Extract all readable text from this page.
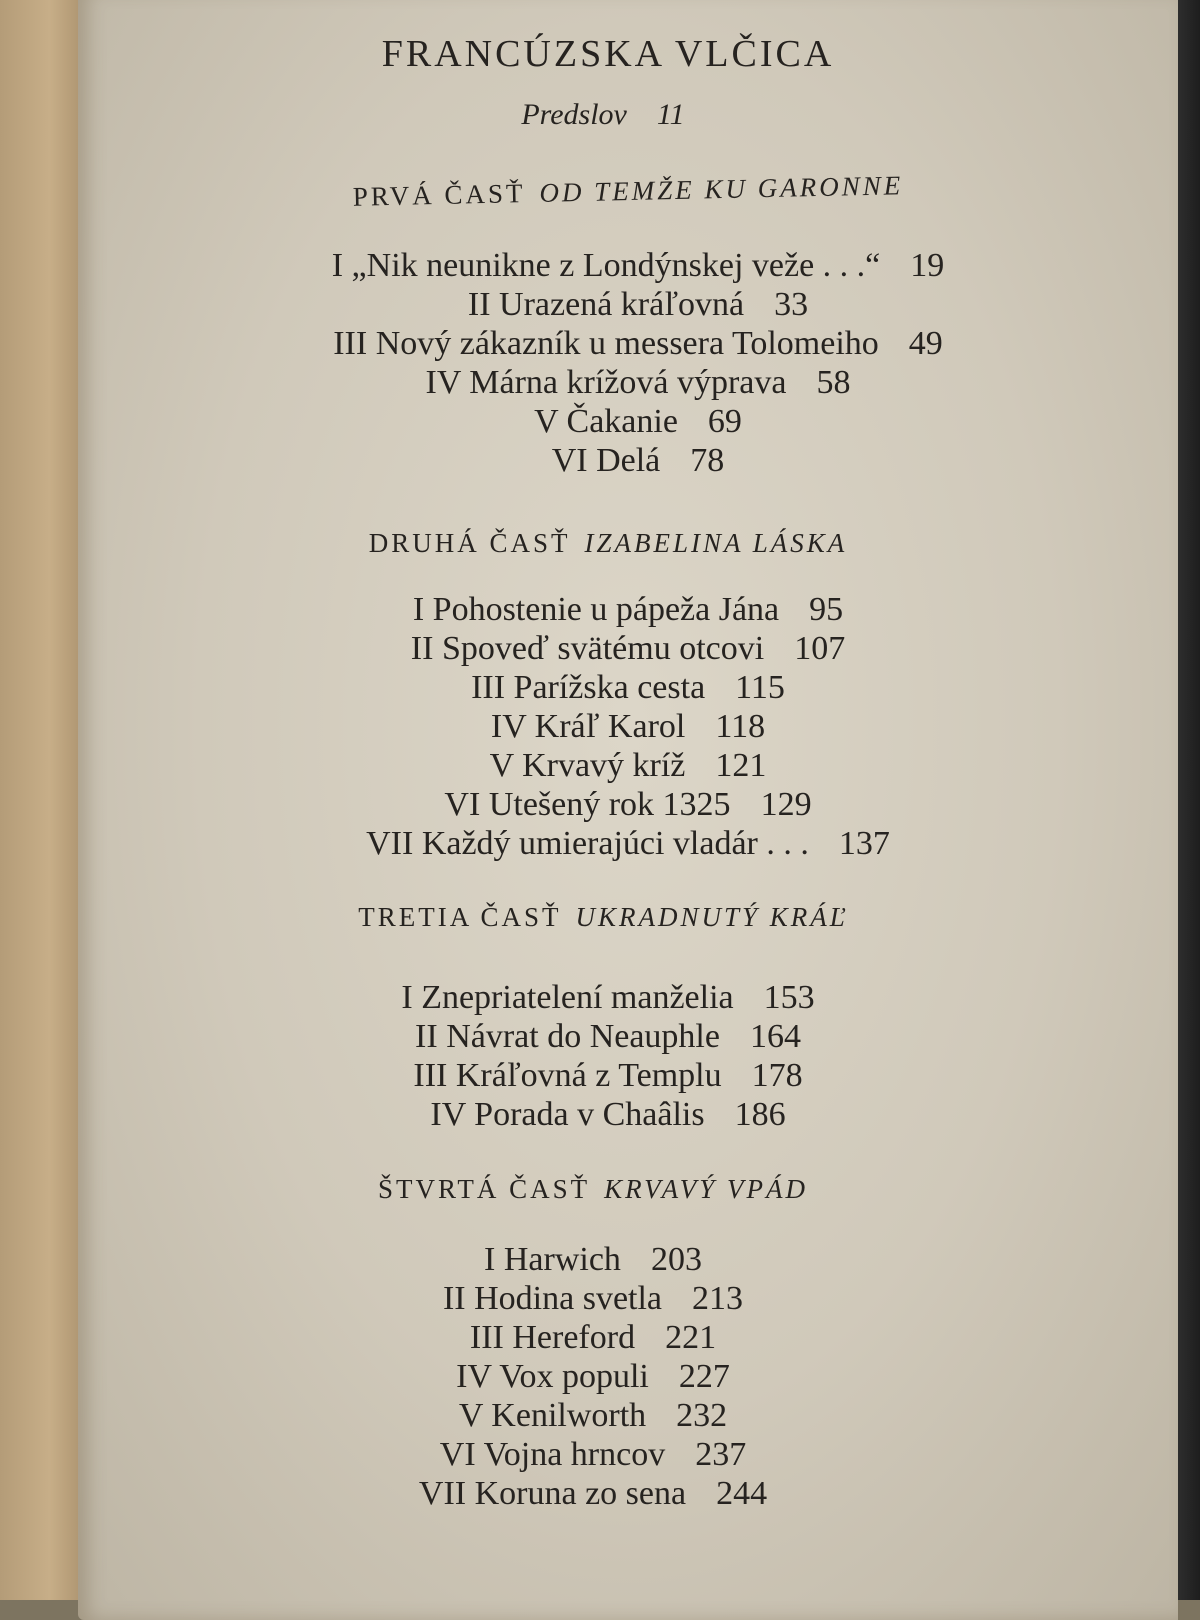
FRANCÚZSKA VLČICA
Predslov 11
PRVÁ ČASŤ OD TEMŽE KU GARONNE
I „Nik neunikne z Londýnskej veže . . .“ 19
II Urazená kráľovná 33
III Nový zákazník u messera Tolomeiho 49
IV Márna krížová výprava 58
V Čakanie 69
VI Delá 78
DRUHÁ ČASŤ IZABELINA LÁSKA
I Pohostenie u pápeža Jána 95
II Spoveď svätému otcovi 107
III Parížska cesta 115
IV Kráľ Karol 118
V Krvavý kríž 121
VI Utešený rok 1325 129
VII Každý umierajúci vladár . . . 137
TRETIA ČASŤ UKRADNUTÝ KRÁĽ
I Znepriatelení manželia 153
II Návrat do Neauphle 164
III Kráľovná z Templu 178
IV Porada v Chaâlis 186
ŠTVRTÁ ČASŤ KRVAVÝ VPÁD
I Harwich 203
II Hodina svetla 213
III Hereford 221
IV Vox populi 227
V Kenilworth 232
VI Vojna hrncov 237
VII Koruna zo sena 244
